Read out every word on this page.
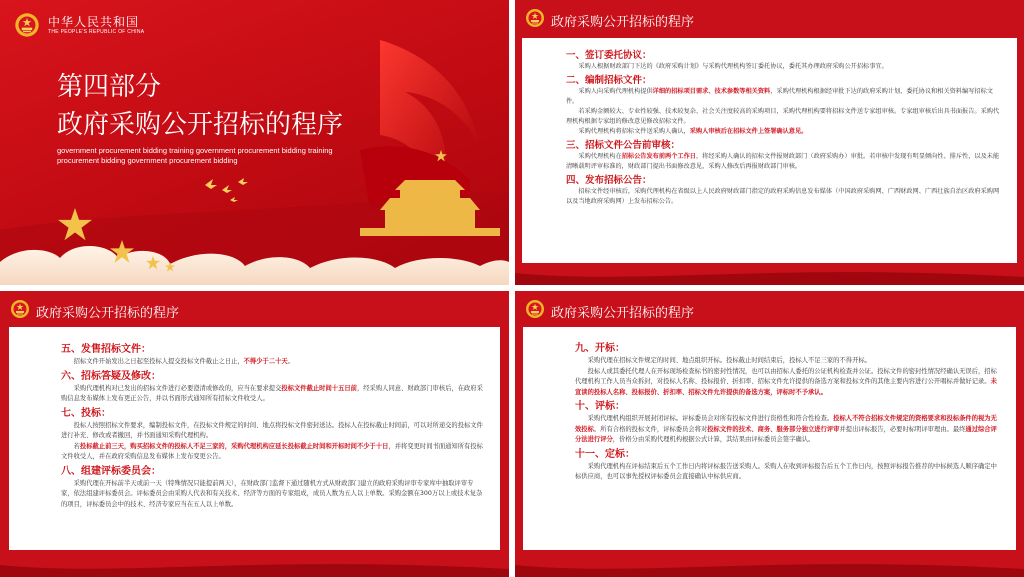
中华人民共和国
THE PEOPLE'S REPUBLIC OF CHINA
第四部分
政府采购公开招标的程序
government procurement bidding training government procurement bidding training procurement bidding government procurement bidding
政府采购公开招标的程序
一、签订委托协议：
采购人根据财政部门下达的《政府采购计划》与采购代理机构签订委托协议，委托其办理政府采购公开招标事宜。
二、编制招标文件：
采购人向采购代理机构提供详细的招标项目需求、技术参数等相关资料，采购代理机构根据经审批下达的政府采购计划、委托协议和相关资料编写招标文件。
若采购金额较大、专业性较强、技术较复杂、社会关注度较高的采购项目，采购代理机构要将招标文件送专家组审核。专家组审核后出具书面报告。采购代理机构根据专家组的修改意见修改招标文件。
采购代理机构将招标文件送采购人确认，采购人审核后在招标文件上签署确认意见。
三、招标文件公告前审核：
采购代理机构在招标公告发布前两个工作日，将经采购人确认的招标文件报财政部门（政府采购办）审批。若审核中发现有明显倾向性、排斥性，以及未能清晰载明评审标准的，财政部门提出书面修改意见，采购人修改后再报财政部门审核。
四、发布招标公告：
招标文件经审核后，采购代理机构在省级以上人民政府财政部门指定的政府采购信息发布媒体（中国政府采购网、广西财政网、广西壮族自治区政府采购网以及当地政府采购网）上发布招标公告。
政府采购公开招标的程序
五、发售招标文件：
招标文件开始发出之日起至投标人提交投标文件截止之日止，不得少于二十天。
六、招标答疑及修改：
采购代理机构对已发出的招标文件进行必要澄清或修改的，应当在要求提交投标文件截止时间十五日前，经采购人同意、财政部门审核后，在政府采购信息发布媒体上发布更正公告，并以书面形式通知所有招标文件收受人。
七、投标：
投标人按照招标文件要求，编制投标文件，在投标文件规定的时间、地点将投标文件密封送达。投标人在投标截止时间前，可以对所递交的投标文件进行补充、修改或者撤回，并书面通知采购代理机构。
若投标截止前三天，购买招标文件的投标人不足三家的，采购代理机构应延长投标截止时间和开标时间不少于十日，并将变更时间书面通知所有投标文件收受人，并在政府采购信息发布媒体上发布变更公告。
八、组建评标委员会：
采购代理在开标前半天或前一天（特殊情况只能提前两天），在财政部门监督下通过随机方式从财政部门建立的政府采购评审专家库中抽取评审专家，依法组建评标委员会。评标委员会由采购人代表和有关技术、经济等方面的专家组成，成员人数为五人以上单数。采购金额在300万以上或技术复杂的项目，评标委员会中的技术、经济专家应当在五人以上单数。
政府采购公开招标的程序
九、开标：
采购代理在招标文件规定的时间、地点组织开标。投标截止时间结束后，投标人不足三家的不得开标。
投标人或其委托代理人在开标现场检查标书的密封性情况，也可以由招标人委托的公证机构检查并公证。投标文件的密封性情况经确认无误后，招标代理机构工作人员当众拆封，对投标人名称、投标报价、折扣率、招标文件允许提供的备选方案和投标文件的其他主要内容进行公开唱标并做好记录。未宣读的投标人名称、投标报价、折扣率、招标文件允许提供的备选方案，评标时不予承认。
十、评标：
采购代理机构组织开展封闭评标。评标委员会对所有投标文件进行资格性和符合性检查。投标人不符合招标文件规定的资格要求和投标条件的视为无效投标。所有合格的投标文件，评标委员会将对投标文件的技术、商务、服务部分独立进行评审并提出评标报告，必要时标明评审理由。最终通过综合评分法进行评分，价格分由采购代理机构根据公式计算，其结果由评标委员会签字确认。
十一、定标：
采购代理机构在评标结束后五个工作日内将评标报告送采购人。采购人在收到评标报告后五个工作日内，按照评标报告推荐的中标候选人顺序确定中标供应商，也可以事先授权评标委员会直接确认中标供应商。
